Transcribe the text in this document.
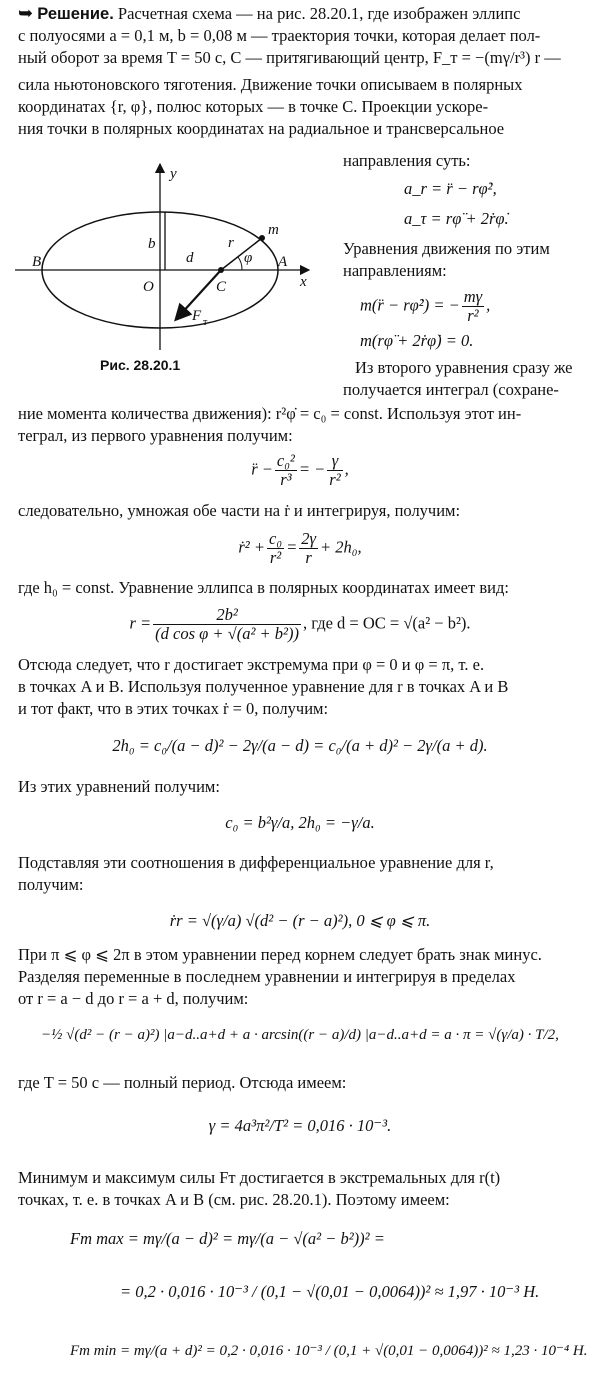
➥ Решение. Расчетная схема — на рис. 28.20.1, где изображен эллипс
с полуосями a = 0,1 м, b = 0,08 м — траектория точки, которая делает пол-
ный оборот за время T = 50 с, C — притягивающий центр, F_т = −(mγ/r³) r —
сила ньютоновского тяготения. Движение точки описываем в полярных
координатах {r, φ}, полюс которых — в точке C. Проекции ускоре-
ния точки в полярных координатах на радиальное и трансверсальное
y
x
b
B
O
d
C
r
φ A
m
F т
Рис. 28.20.1
направления суть:
a_r = r̈ − rφ̇²,
a_τ = rφ̈ + 2ṙφ̇.
Уравнения движения по этим
направлениям:
m(r̈ − rφ̇²) = − $\frac{m\gamma}{\text{r²}}$ ,
m(rφ̈ + 2ṙφ̇) = 0.
Из второго уравнения сразу же
получается интеграл (сохране-
ние момента количества движения): r²φ̇ = c₀ = const. Используя этот ин-
теграл, из первого уравнения получим:
r̈ − $\frac{\text{c₀²}}{\text{r³}}$ = − $\frac{\gamma}{\text{r²}}$ ,
следовательно, умножая обе части на ṙ и интегрируя, получим:
ṙ² + $\frac{\text{c₀}}{\text{r²}} = \frac{2\gamma}{r} + 2h_0$,
где h₀ = const. Уравнение эллипса в полярных координатах имеет вид:
$r = \frac{\text{2b²}}{\text{(d cos φ + √(a² + b²))}}$ , где d = OC = √(a² − b²).
Отсюда следует, что r достигает экстремума при φ = 0 и φ = π, т. е.
в точках A и B. Используя полученное уравнение для r в точках A и B
и тот факт, что в этих точках ṙ = 0, получим:
2h₀ = c₀/(a − d)² − 2γ/(a − d) = c₀/(a + d)² − 2γ/(a + d).
Из этих уравнений получим:
c₀ = b²γ/a, 2h₀ = −γ/a.
Подставляя эти соотношения в дифференциальное уравнение для r,
получим:
ṙr = √(γ/a) √(d² − (r − a)²), 0 ⩽ φ ⩽ π.
При π ⩽ φ ⩽ 2π в этом уравнении перед корнем следует брать знак минус.
Разделяя переменные в последнем уравнении и интегрируя в пределах
от r = a − d до r = a + d, получим:
−½ √(d² − (r − a)²) |a−d..a+d + a · arcsin((r − a)/d) |a−d..a+d = a · π = √(γ/a) · T/2,
где T = 50 с — полный период. Отсюда имеем:
γ = 4a³π²/T² = 0,016 · 10⁻³.
Минимум и максимум силы Fт достигается в экстремальных для r(t)
точках, т. е. в точках A и B (см. рис. 28.20.1). Поэтому имеем:
Fт max = mγ/(a − d)² = mγ/(a − √(a² − b²))² =
= 0,2 · 0,016 · 10⁻³ / (0,1 − √(0,01 − 0,0064))² ≈ 1,97 · 10⁻³ Н.
Fт min = mγ/(a + d)² = 0,2 · 0,016 · 10⁻³ / (0,1 + √(0,01 − 0,0064))² ≈ 1,23 · 10⁻⁴ Н.
